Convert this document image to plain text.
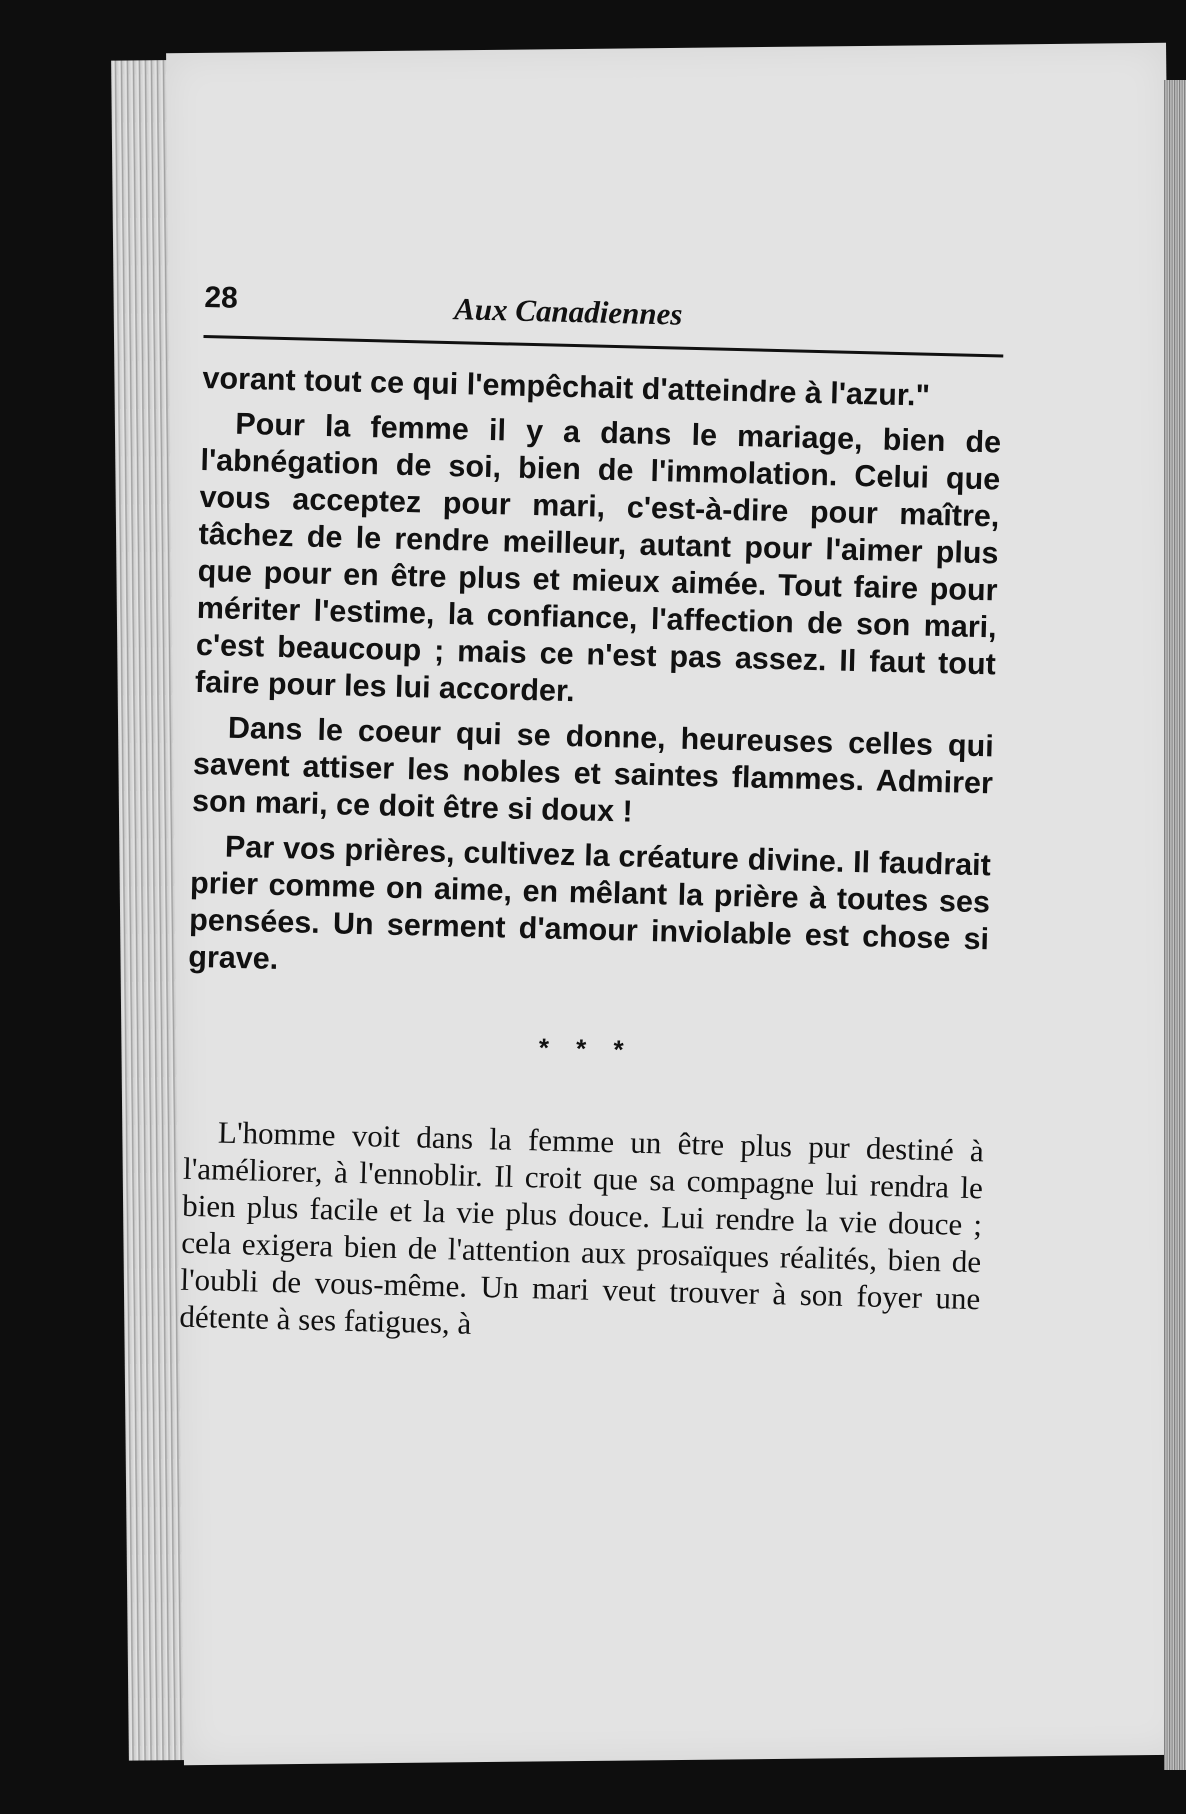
28	Aux Canadiennes

vorant tout ce qui l'empêchait d'atteindre à l'azur."

Pour la femme il y a dans le mariage, bien de l'abnégation de soi, bien de l'immolation. Celui que vous acceptez pour mari, c'est-à-dire pour maître, tâchez de le rendre meilleur, autant pour l'aimer plus que pour en être plus et mieux aimée. Tout faire pour mériter l'estime, la confiance, l'affection de son mari, c'est beaucoup ; mais ce n'est pas assez. Il faut tout faire pour les lui accorder.

Dans le coeur qui se donne, heureuses celles qui savent attiser les nobles et saintes flammes. Admirer son mari, ce doit être si doux !

Par vos prières, cultivez la créature divine. Il faudrait prier comme on aime, en mêlant la prière à toutes ses pensées. Un serment d'amour inviolable est chose si grave.

* * *

L'homme voit dans la femme un être plus pur destiné à l'améliorer, à l'ennoblir. Il croit que sa compagne lui rendra le bien plus facile et la vie plus douce. Lui rendre la vie douce ; cela exigera bien de l'attention aux prosaïques réalités, bien de l'oubli de vous-même. Un mari veut trouver à son foyer une détente à ses fatigues, à
